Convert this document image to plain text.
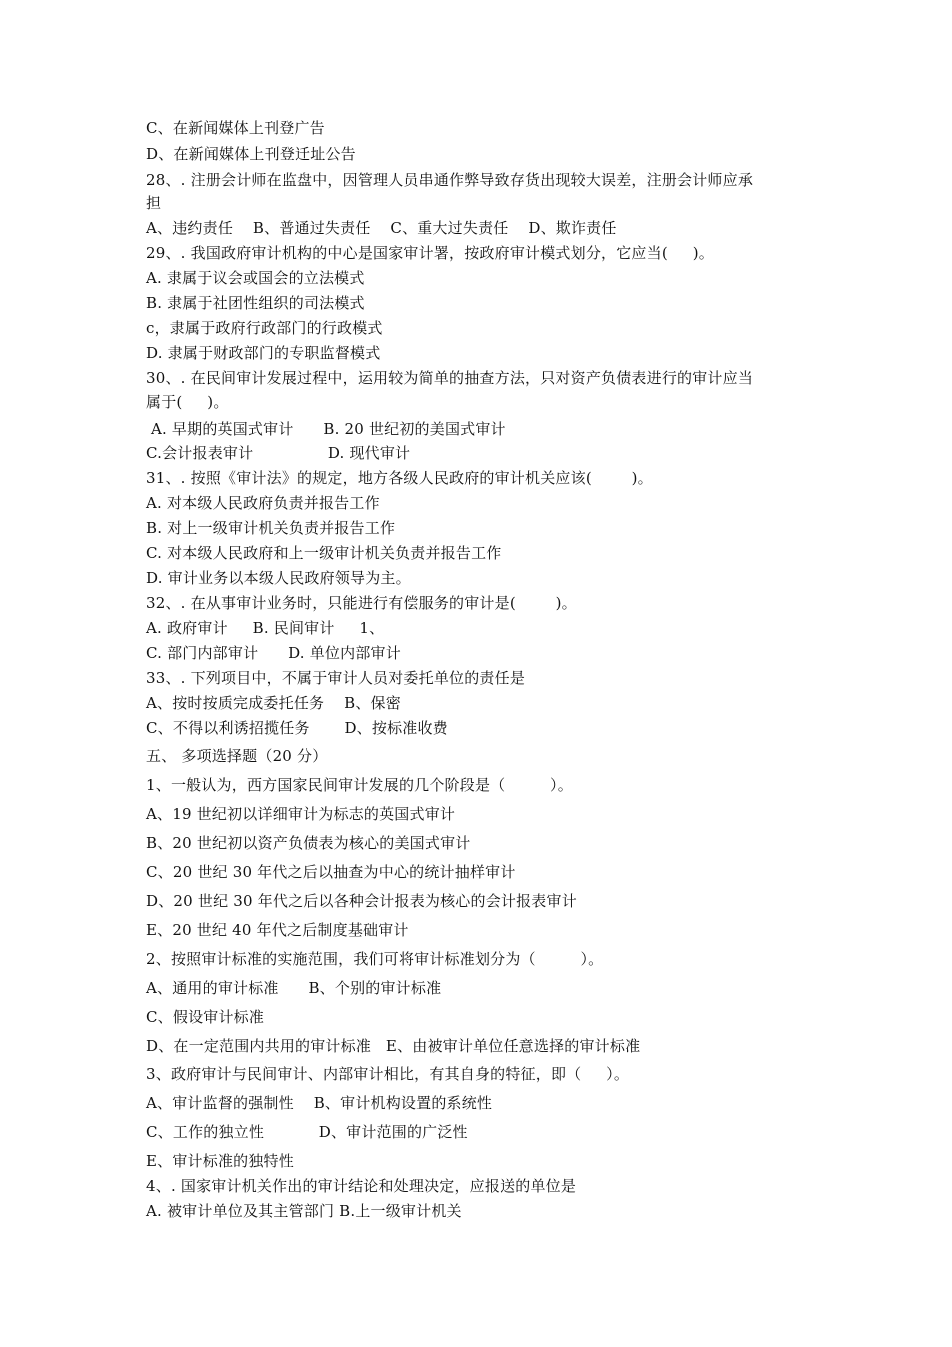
C、在新闻媒体上刊登广告
D、在新闻媒体上刊登迁址公告
28、. 注册会计师在监盘中，因管理人员串通作弊导致存货出现较大误差，注册会计师应承
担
A、违约责任    B、普通过失责任    C、重大过失责任    D、欺诈责任
29、. 我国政府审计机构的中心是国家审计署，按政府审计模式划分，它应当(     )。
A. 隶属于议会或国会的立法模式
B. 隶属于社团性组织的司法模式
c，隶属于政府行政部门的行政模式
D. 隶属于财政部门的专职监督模式
30、. 在民间审计发展过程中，运用较为简单的抽查方法，只对资产负债表进行的审计应当
属于(     )。
A. 早期的英国式审计      B. 20 世纪初的美国式审计
C.会计报表审计               D. 现代审计
31、. 按照《审计法》的规定，地方各级人民政府的审计机关应该(        )。
A. 对本级人民政府负责并报告工作
B. 对上一级审计机关负责并报告工作
C. 对本级人民政府和上一级审计机关负责并报告工作
D. 审计业务以本级人民政府领导为主。
32、. 在从事审计业务时，只能进行有偿服务的审计是(        )。
A. 政府审计     B. 民间审计     1、
C. 部门内部审计      D. 单位内部审计
33、. 下列项目中，不属于审计人员对委托单位的责任是
A、按时按质完成委托任务    B、保密
C、不得以利诱招揽任务       D、按标准收费
五、 多项选择题（20 分）
1、一般认为，西方国家民间审计发展的几个阶段是（         ）。
A、19 世纪初以详细审计为标志的英国式审计
B、20 世纪初以资产负债表为核心的美国式审计
C、20 世纪 30 年代之后以抽查为中心的统计抽样审计
D、20 世纪 30 年代之后以各种会计报表为核心的会计报表审计
E、20 世纪 40 年代之后制度基础审计
2、按照审计标准的实施范围，我们可将审计标准划分为（         ）。
A、通用的审计标准      B、个别的审计标准
C、假设审计标准
D、在一定范围内共用的审计标准   E、由被审计单位任意选择的审计标准
3、政府审计与民间审计、内部审计相比，有其自身的特征，即（     ）。
A、审计监督的强制性    B、审计机构设置的系统性
C、工作的独立性           D、审计范围的广泛性
E、审计标准的独特性
4、. 国家审计机关作出的审计结论和处理决定，应报送的单位是
A. 被审计单位及其主管部门 B.上一级审计机关
